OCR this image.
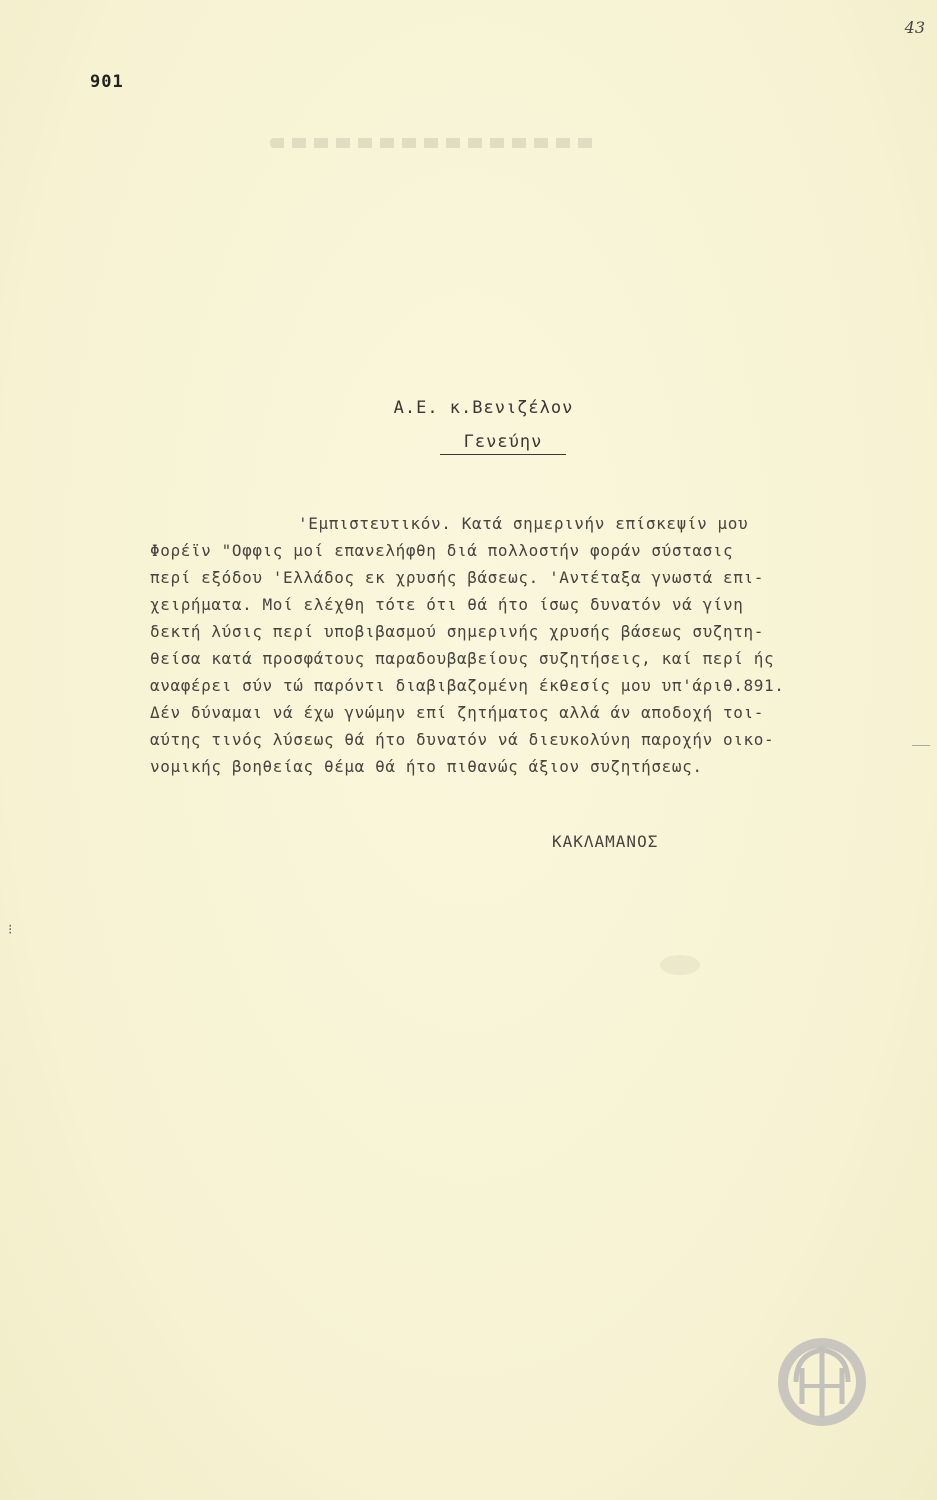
43
901
Α.Ε. κ.Βενιζέλον
Γενεύην
'Εμπιστευτικόν. Κατά σημερινήν επίσκεψίν μου
Φορέϊν "Οφφις μοί επανελήφθη διά πολλοστήν φοράν σύστασις
περί εξόδου 'Ελλάδος εκ χρυσής βάσεως. 'Αντέταξα γνωστά επι-
χειρήματα. Μοί ελέχθη τότε ότι θά ήτο ίσως δυνατόν νά γίνη
δεκτή λύσις περί υποβιβασμού σημερινής χρυσής βάσεως συζητη-
θείσα κατά προσφάτους παραδουβαβείους συζητήσεις, καί περί ής
αναφέρει σύν τώ παρόντι διαβιβαζομένη έκθεσίς μου υπ'άριθ.891.
Δέν δύναμαι νά έχω γνώμην επί ζητήματος αλλά άν αποδοχή τοι-
αύτης τινός λύσεως θά ήτο δυνατόν νά διευκολύνη παροχήν οικο-
νομικής βοηθείας θέμα θά ήτο πιθανώς άξιον συζητήσεως.
ΚΑΚΛΑΜΑΝΟΣ
⁝
